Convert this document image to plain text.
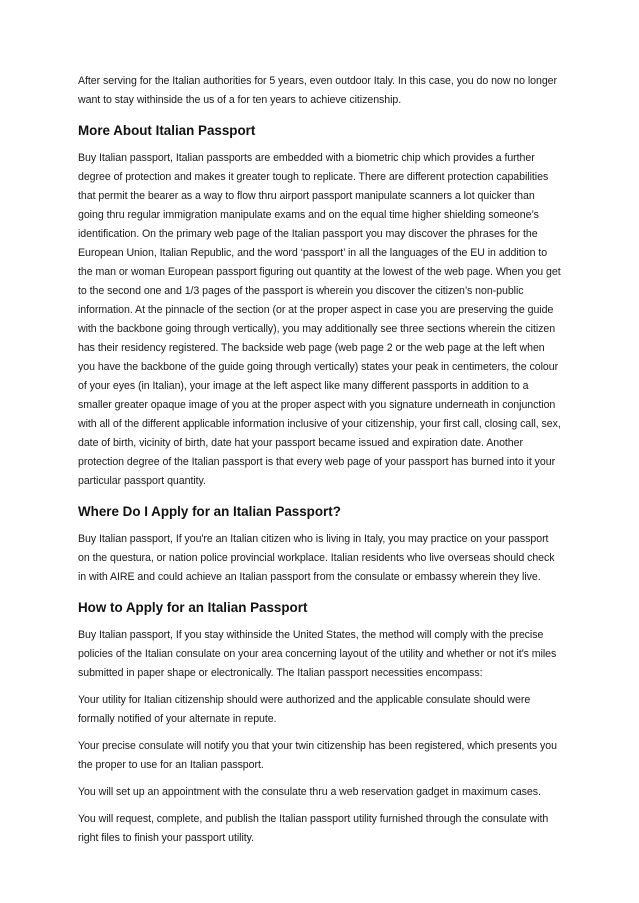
After serving for the Italian authorities for 5 years, even outdoor Italy. In this case, you do now no longer want to stay withinside the us of a for ten years to achieve citizenship.

More About Italian Passport

Buy Italian passport, Italian passports are embedded with a biometric chip which provides a further degree of protection and makes it greater tough to replicate. There are different protection capabilities that permit the bearer as a way to flow thru airport passport manipulate scanners a lot quicker than going thru regular immigration manipulate exams and on the equal time higher shielding someone’s identification. On the primary web page of the Italian passport you may discover the phrases for the European Union, Italian Republic, and the word ‘passport’ in all the languages of the EU in addition to the man or woman European passport figuring out quantity at the lowest of the web page. When you get to the second one and 1/3 pages of the passport is wherein you discover the citizen’s non-public information. At the pinnacle of the section (or at the proper aspect in case you are preserving the guide with the backbone going through vertically), you may additionally see three sections wherein the citizen has their residency registered. The backside web page (web page 2 or the web page at the left when you have the backbone of the guide going through vertically) states your peak in centimeters, the colour of your eyes (in Italian), your image at the left aspect like many different passports in addition to a smaller greater opaque image of you at the proper aspect with you signature underneath in conjunction with all of the different applicable information inclusive of your citizenship, your first call, closing call, sex, date of birth, vicinity of birth, date hat your passport became issued and expiration date. Another protection degree of the Italian passport is that every web page of your passport has burned into it your particular passport quantity.

Where Do I Apply for an Italian Passport?

Buy Italian passport, If you're an Italian citizen who is living in Italy, you may practice on your passport on the questura, or nation police provincial workplace. Italian residents who live overseas should check in with AIRE and could achieve an Italian passport from the consulate or embassy wherein they live.

How to Apply for an Italian Passport

Buy Italian passport, If you stay withinside the United States, the method will comply with the precise policies of the Italian consulate on your area concerning layout of the utility and whether or not it's miles submitted in paper shape or electronically. The Italian passport necessities encompass:

Your utility for Italian citizenship should were authorized and the applicable consulate should were formally notified of your alternate in repute.

Your precise consulate will notify you that your twin citizenship has been registered, which presents you the proper to use for an Italian passport.

You will set up an appointment with the consulate thru a web reservation gadget in maximum cases.

You will request, complete, and publish the Italian passport utility furnished through the consulate with right files to finish your passport utility.
